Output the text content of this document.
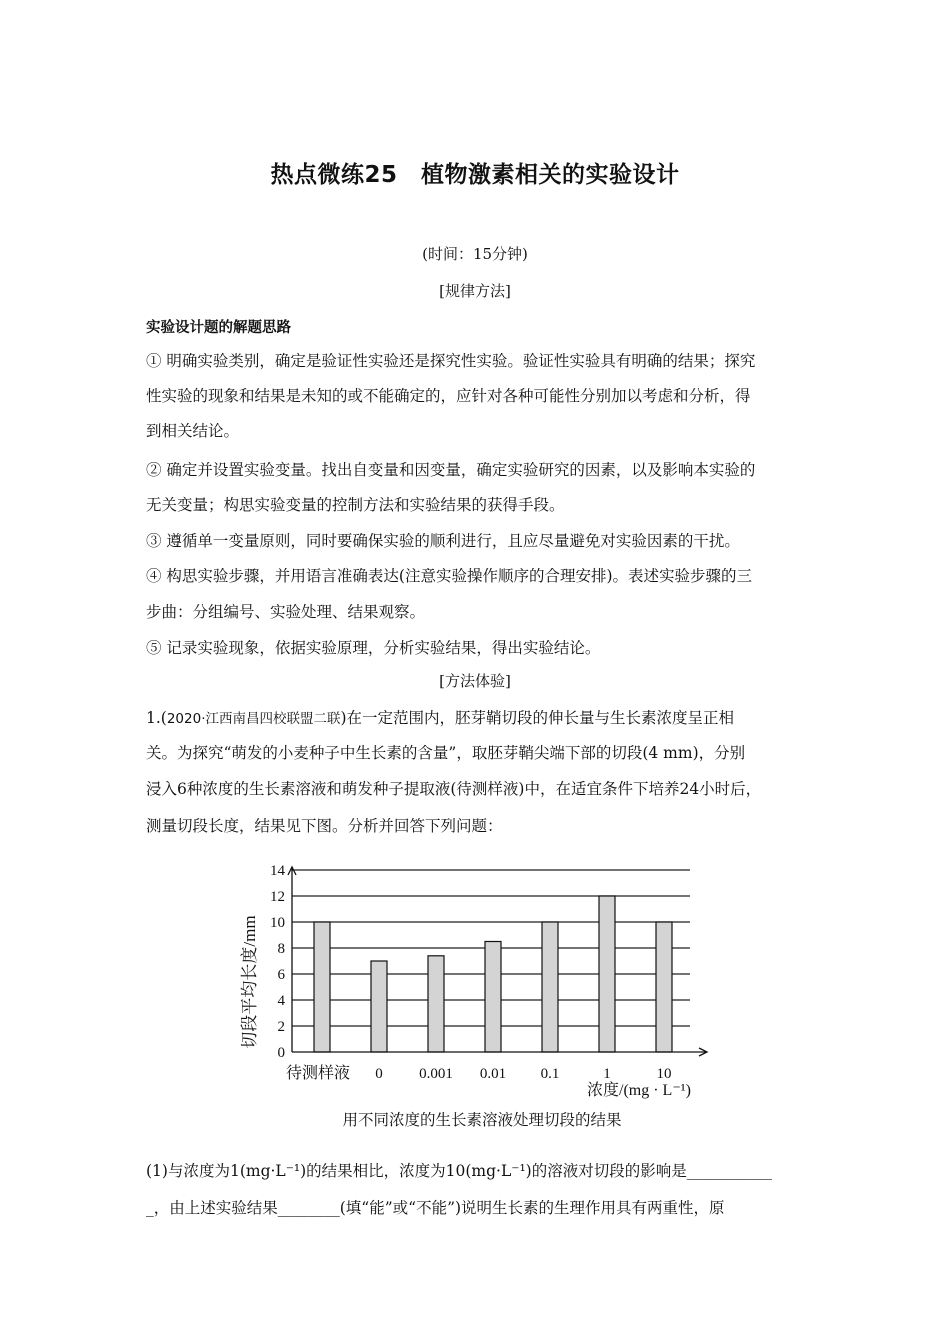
热点微练25　植物激素相关的实验设计
(时间：15分钟)
[规律方法]
实验设计题的解题思路
① 明确实验类别，确定是验证性实验还是探究性实验。验证性实验具有明确的结果；探究
性实验的现象和结果是未知的或不能确定的，应针对各种可能性分别加以考虑和分析，得
到相关结论。
② 确定并设置实验变量。找出自变量和因变量，确定实验研究的因素，以及影响本实验的
无关变量；构思实验变量的控制方法和实验结果的获得手段。
③ 遵循单一变量原则，同时要确保实验的顺利进行，且应尽量避免对实验因素的干扰。
④ 构思实验步骤，并用语言准确表达(注意实验操作顺序的合理安排)。表述实验步骤的三
步曲：分组编号、实验处理、结果观察。
⑤ 记录实验现象，依据实验原理，分析实验结果，得出实验结论。
[方法体验]
1.(2020·江西南昌四校联盟二联)在一定范围内，胚芽鞘切段的伸长量与生长素浓度呈正相
关。为探究“萌发的小麦种子中生长素的含量”，取胚芽鞘尖端下部的切段(4 mm)，分别
浸入6种浓度的生长素溶液和萌发种子提取液(待测样液)中，在适宜条件下培养24小时后，
测量切段长度，结果见下图。分析并回答下列问题：
0
2
4
6
8
10
12
14
待测样液 0 0.001 0.01 0.1	1	10
切段平均长度/mm
浓度/(mg · L⁻¹)
用不同浓度的生长素溶液处理切段的结果
(1)与浓度为1(mg·L⁻¹)的结果相比，浓度为10(mg·L⁻¹)的溶液对切段的影响是___________
_，由上述实验结果________(填“能”或“不能”)说明生长素的生理作用具有两重性，原
